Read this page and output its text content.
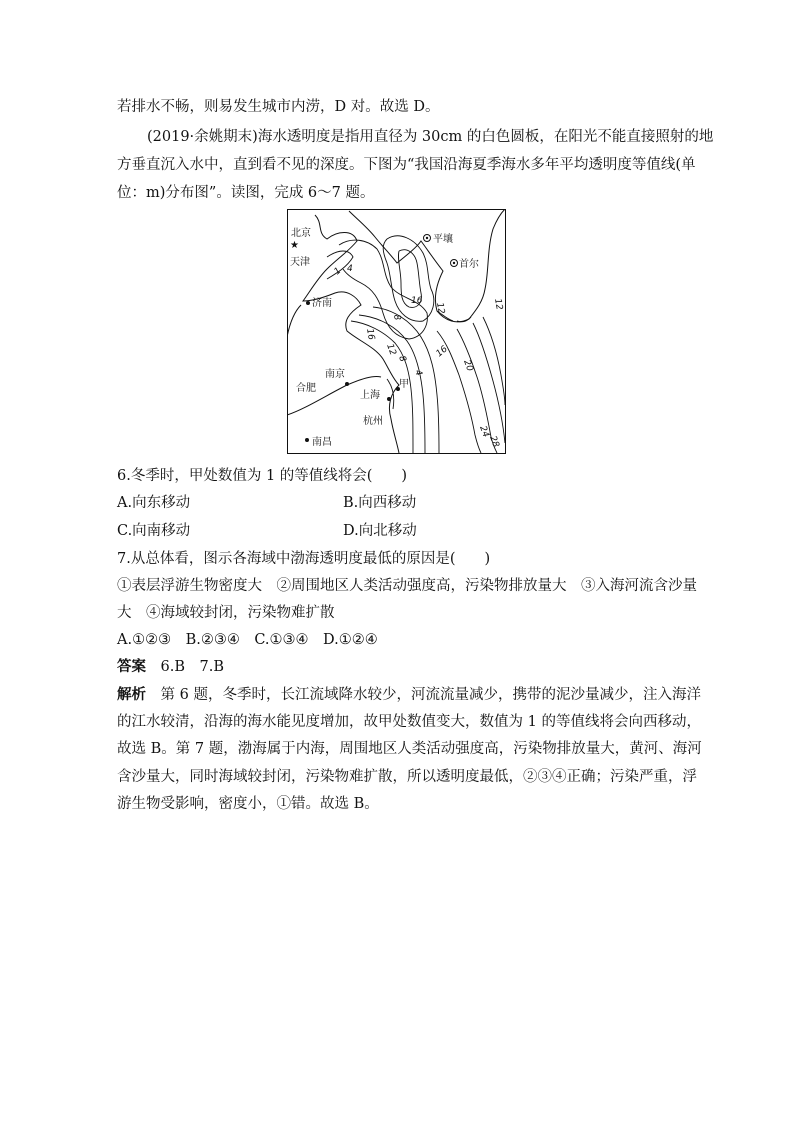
若排水不畅，则易发生城市内涝，D 对。故选 D。
(2019·余姚期末)海水透明度是指用直径为 30cm 的白色圆板，在阳光不能直接照射的地
方垂直沉入水中，直到看不见的深度。下图为“我国沿海夏季海水多年平均透明度等值线(单
位：m)分布图”。读图，完成 6～7 题。
★
北京
天津
济南
平壤
首尔
南京
合肥
上海
杭州
南昌
甲
1 4
8
12
16
16
12
8
4
16
20
24
28
12
6.冬季时，甲处数值为 1 的等值线将会(　　)
A.向东移动	B.向西移动
C.向南移动	D.向北移动
7.从总体看，图示各海域中渤海透明度最低的原因是(　　)
①表层浮游生物密度大　②周围地区人类活动强度高，污染物排放量大　③入海河流含沙量
大　④海域较封闭，污染物难扩散
A.①②③　B.②③④　C.①③④　D.①②④
答案　 6.B　7.B
解析　 第 6 题，冬季时，长江流域降水较少，河流流量减少，携带的泥沙量减少，注入海洋
的江水较清，沿海的海水能见度增加，故甲处数值变大，数值为 1 的等值线将会向西移动，
故选 B。第 7 题，渤海属于内海，周围地区人类活动强度高，污染物排放量大，黄河、海河
含沙量大，同时海域较封闭，污染物难扩散，所以透明度最低，②③④正确；污染严重，浮
游生物受影响，密度小，①错。故选 B。
